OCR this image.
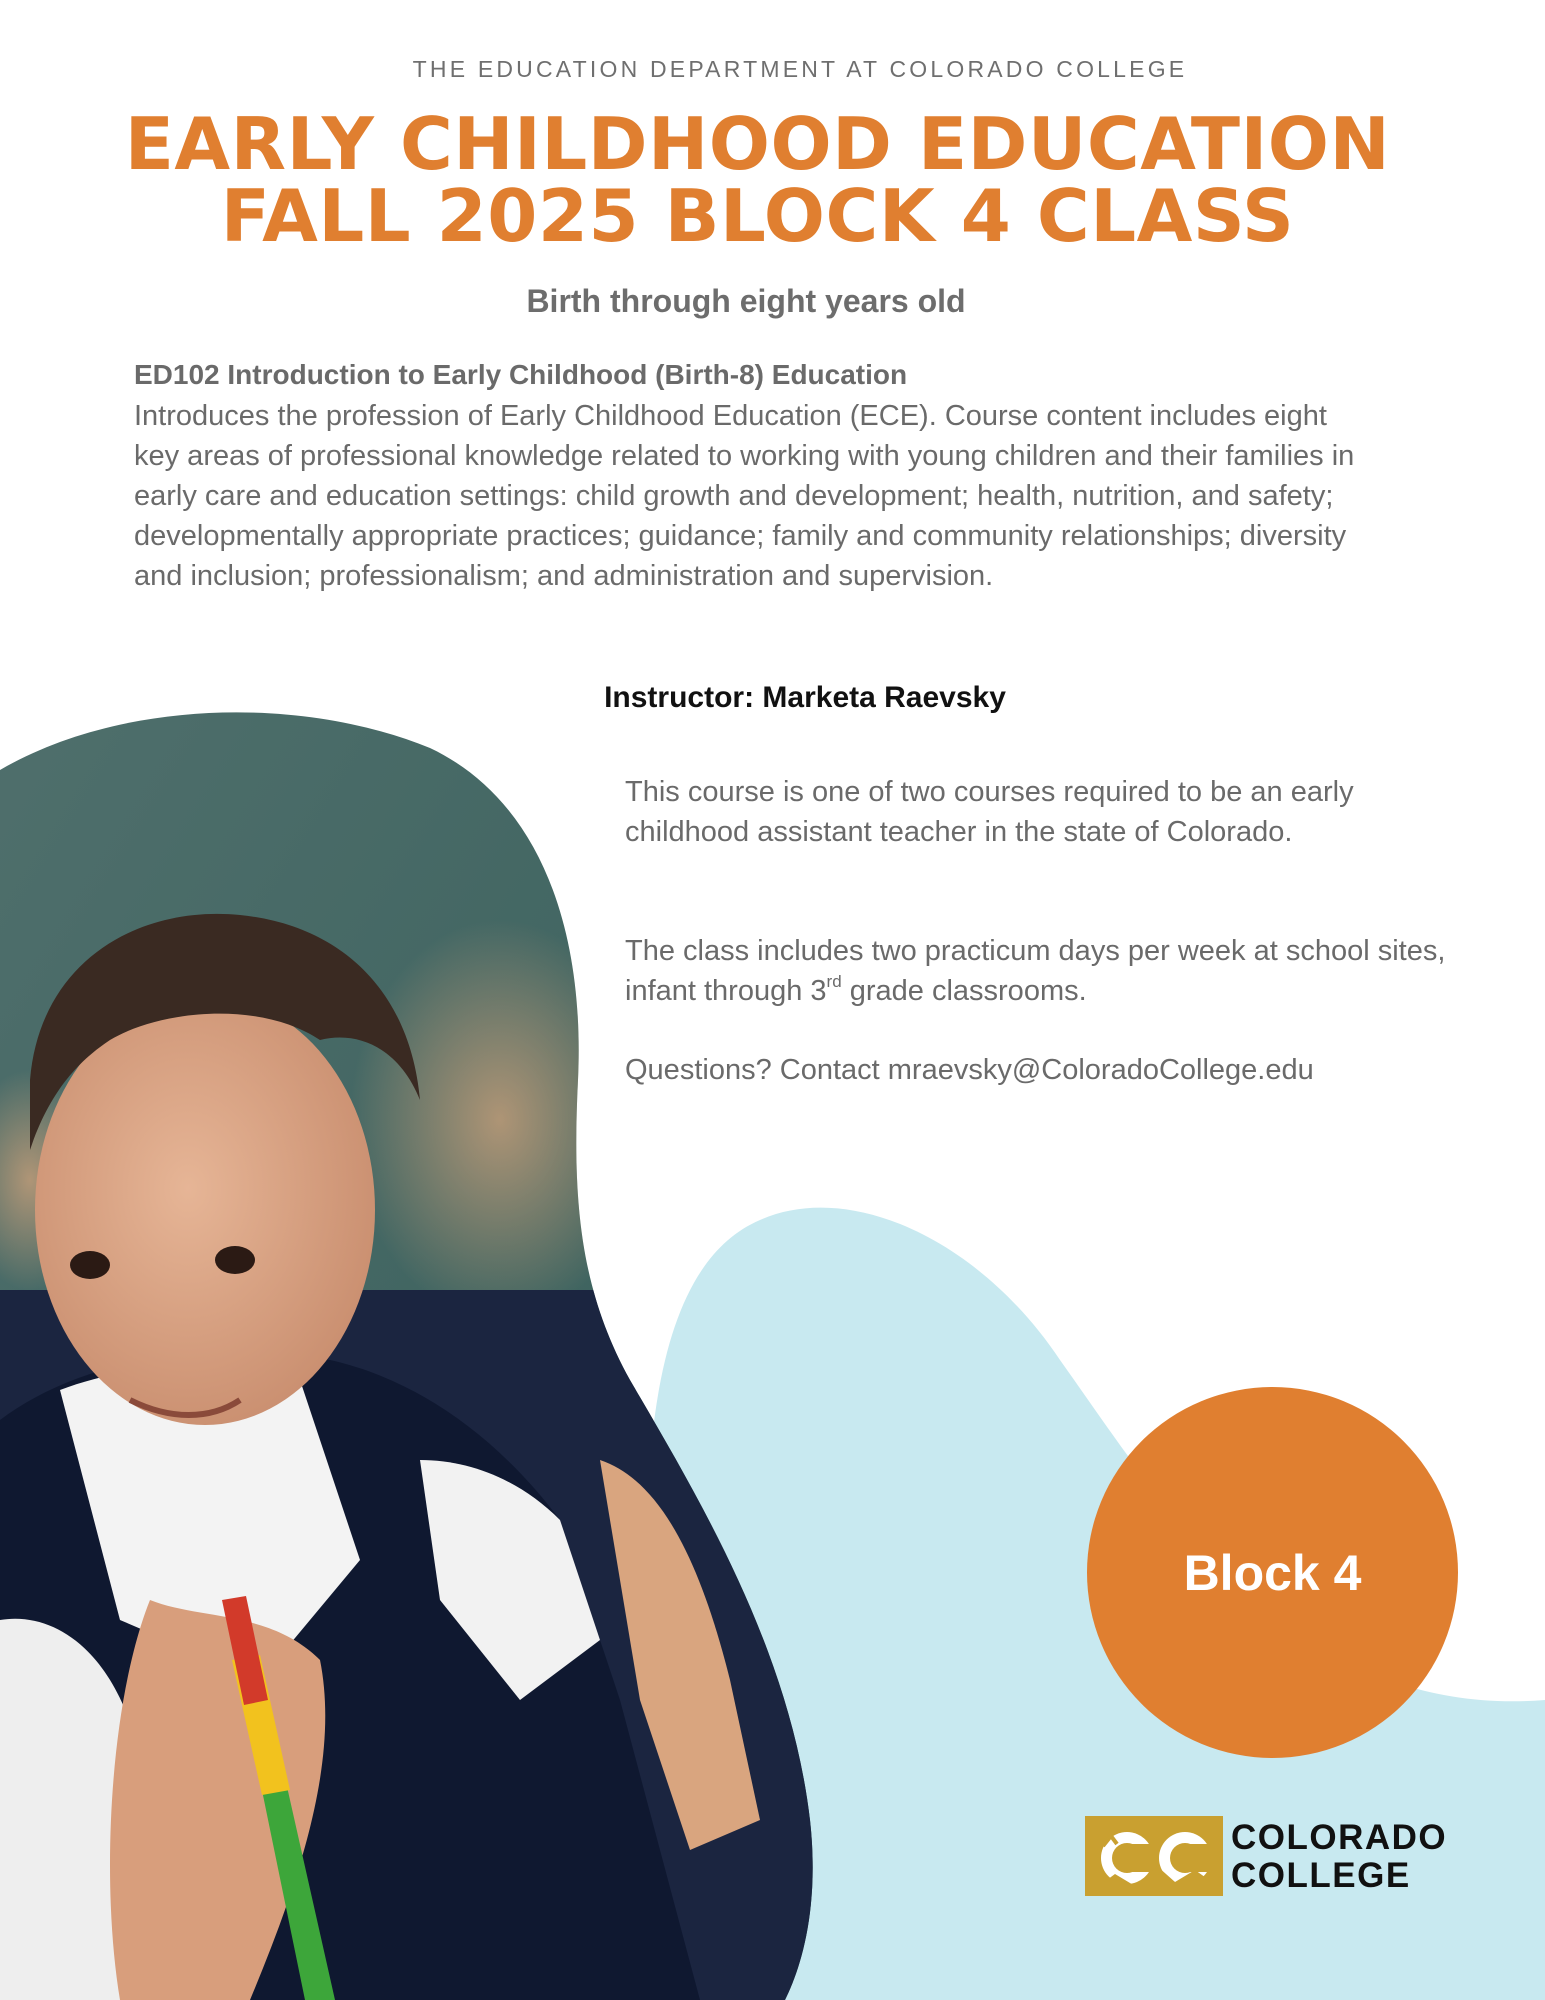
THE EDUCATION DEPARTMENT AT COLORADO COLLEGE
EARLY CHILDHOOD EDUCATION
FALL 2025 BLOCK 4 CLASS
Birth through eight years old
ED102 Introduction to Early Childhood (Birth-8) Education

Introduces the profession of Early Childhood Education (ECE). Course content includes eight key areas of professional knowledge related to working with young children and their families in early care and education settings: child growth and development; health, nutrition, and safety; developmentally appropriate practices; guidance; family and community relationships; diversity and inclusion; professionalism; and administration and supervision.

Instructor: Marketa Raevsky

This course is one of two courses required to be an early childhood assistant teacher in the state of Colorado.

The class includes two practicum days per week at school sites, infant through 3rd grade classrooms.

Questions? Contact mraevsky@ColoradoCollege.edu

Block 4
COLORADO
COLLEGE
